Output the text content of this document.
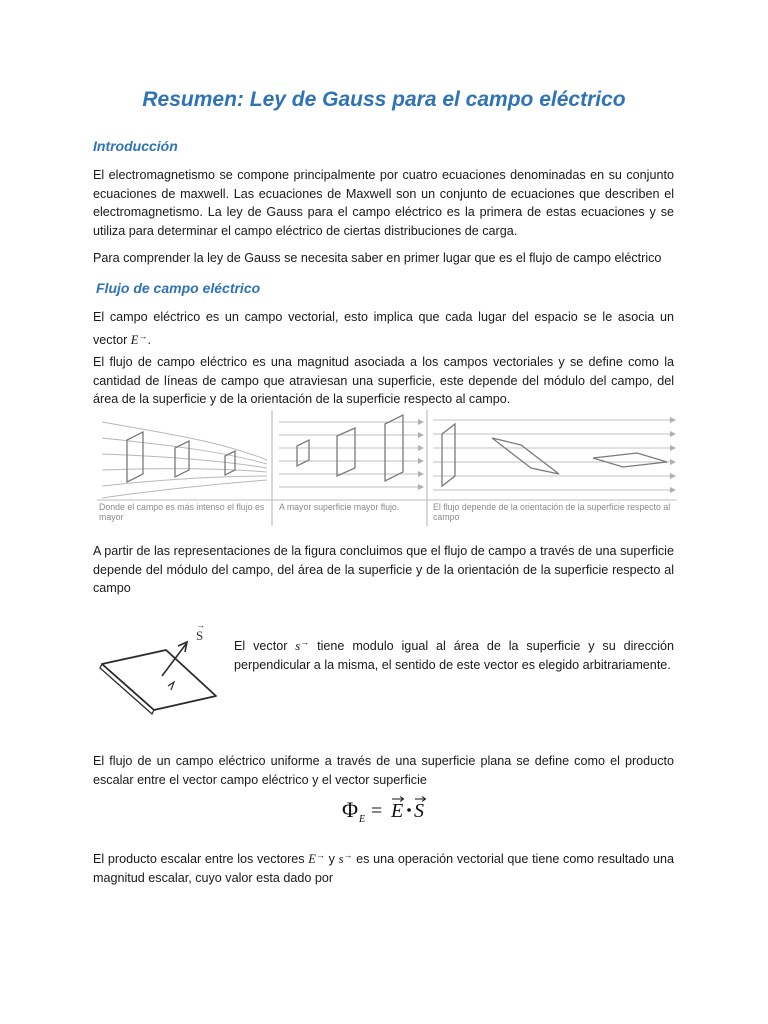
Resumen: Ley de Gauss para el campo eléctrico
Introducción
El electromagnetismo se compone principalmente por cuatro ecuaciones denominadas en su conjunto ecuaciones de maxwell. Las ecuaciones de Maxwell son un conjunto de ecuaciones que describen el electromagnetismo. La ley de Gauss para el campo eléctrico es la primera de estas ecuaciones y se utiliza para determinar el campo eléctrico de ciertas distribuciones de carga.
Para comprender la ley de Gauss se necesita saber en primer lugar que es el flujo de campo eléctrico
Flujo de campo eléctrico
El campo eléctrico es un campo vectorial, esto implica que cada lugar del espacio se le asocia un vector E→.
El flujo de campo eléctrico es una magnitud asociada a los campos vectoriales y se define como la cantidad de líneas de campo que atraviesan una superficie, este depende del módulo del campo, del área de la superficie y de la orientación de la superficie respecto al campo.
Donde el campo es más intenso el flujo es mayor
A mayor superficie mayor flujo.	El flujo depende de la orientación de la superficie respecto al campo
A partir de las representaciones de la figura concluimos que el flujo de campo a través de una superficie depende del módulo del campo, del área de la superficie y de la orientación de la superficie respecto al campo
S
→
El vector s→ tiene modulo igual al área de la superficie y su dirección perpendicular a la misma, el sentido de este vector es elegido arbitrariamente.
El flujo de un campo eléctrico uniforme a través de una superficie plana se define como el producto escalar entre el vector campo eléctrico y el vector superficie
Φ E = E S
El producto escalar entre los vectores E→ y s→ es una operación vectorial que tiene como resultado una magnitud escalar, cuyo valor esta dado por
